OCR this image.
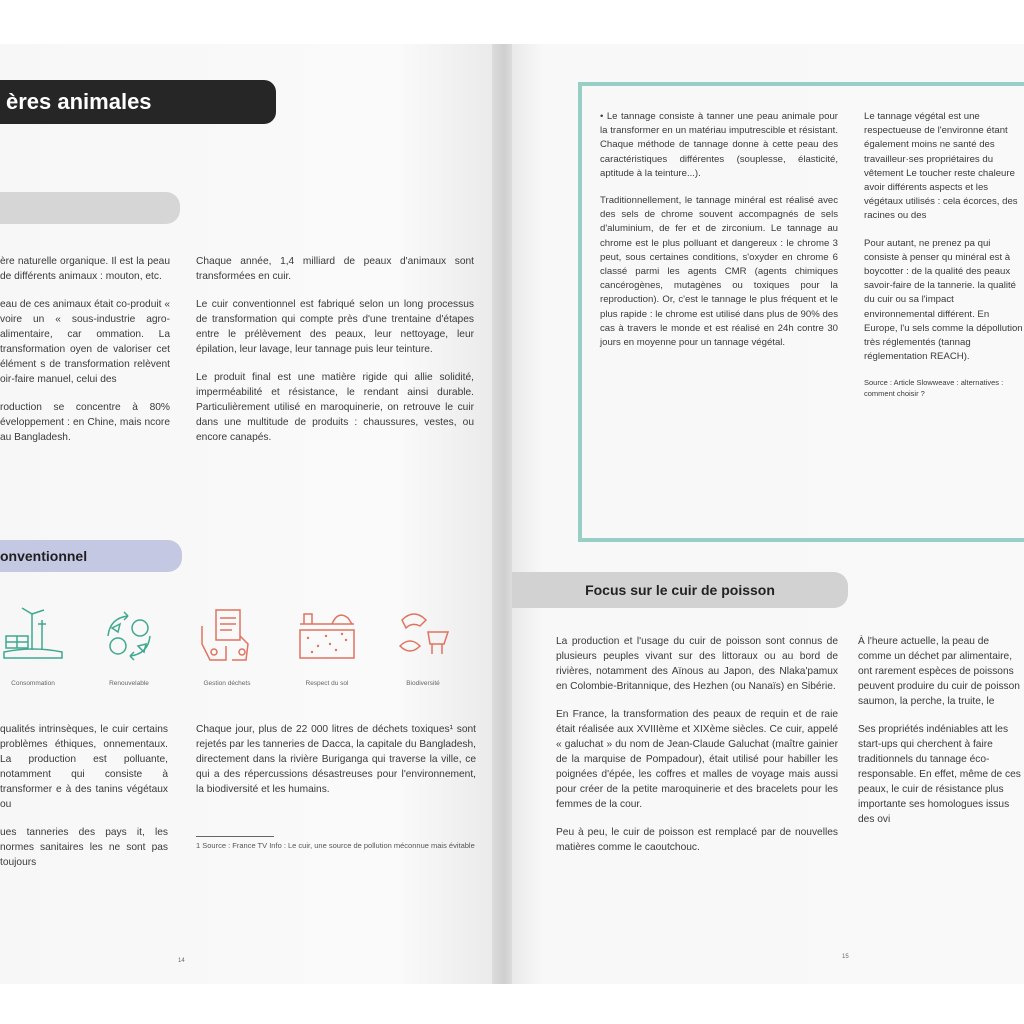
ères animales

ère naturelle organique. Il est la peau de différents animaux : mouton, etc.

eau de ces animaux était co-produit « voire un « sous-industrie agro-alimentaire, car ommation. La transformation oyen de valoriser cet élément s de transformation relèvent oir-faire manuel, celui des

roduction se concentre à 80% éveloppement : en Chine, mais ncore au Bangladesh.

Chaque année, 1,4 milliard de peaux d'animaux sont transformées en cuir.

Le cuir conventionnel est fabriqué selon un long processus de transformation qui compte près d'une trentaine d'étapes entre le prélèvement des peaux, leur nettoyage, leur épilation, leur lavage, leur tannage puis leur teinture.

Le produit final est une matière rigide qui allie solidité, imperméabilité et résistance, le rendant ainsi durable. Particulièrement utilisé en maroquinerie, on retrouve le cuir dans une multitude de produits : chaussures, vestes, ou encore canapés.

onventionnel
Consommation	Renouvelable	Gestion déchets	Respect du sol	Biodiversité

qualités intrinsèques, le cuir certains problèmes éthiques, onnementaux. La production est polluante, notamment qui consiste à transformer e à des tanins végétaux ou

ues tanneries des pays it, les normes sanitaires les ne sont pas toujours

Chaque jour, plus de 22 000 litres de déchets toxiques¹ sont rejetés par les tanneries de Dacca, la capitale du Bangladesh, directement dans la rivière Buriganga qui traverse la ville, ce qui a des répercussions désastreuses pour l'environnement, la biodiversité et les humains.

1 Source : France TV Info : Le cuir, une source de pollution méconnue mais évitable
14

• Le tannage consiste à tanner une peau animale pour la transformer en un matériau imputrescible et résistant. Chaque méthode de tannage donne à cette peau des caractéristiques différentes (souplesse, élasticité, aptitude à la teinture...).

Traditionnellement, le tannage minéral est réalisé avec des sels de chrome souvent accompagnés de sels d'aluminium, de fer et de zirconium. Le tannage au chrome est le plus polluant et dangereux : le chrome 3 peut, sous certaines conditions, s'oxyder en chrome 6 classé parmi les agents CMR (agents chimiques cancérogènes, mutagènes ou toxiques pour la reproduction). Or, c'est le tannage le plus fréquent et le plus rapide : le chrome est utilisé dans plus de 90% des cas à travers le monde et est réalisé en 24h contre 30 jours en moyenne pour un tannage végétal.

Le tannage végétal est une respectueuse de l'environne étant également moins ne santé des travailleur·ses propriétaires du vêtement Le toucher reste chaleure avoir différents aspects et les végétaux utilisés : cela écorces, des racines ou des

Pour autant, ne prenez pa qui consiste à penser qu minéral est à boycotter : de la qualité des peaux savoir-faire de la tannerie. la qualité du cuir ou sa l'impact environnemental différent. En Europe, l'u sels comme la dépollution très réglementés (tannag réglementation REACH).

Source : Article Slowweave : alternatives : comment choisir ?

Focus sur le cuir de poisson

La production et l'usage du cuir de poisson sont connus de plusieurs peuples vivant sur des littoraux ou au bord de rivières, notamment des Aïnous au Japon, des Nlaka'pamux en Colombie-Britannique, des Hezhen (ou Nanaïs) en Sibérie.

En France, la transformation des peaux de requin et de raie était réalisée aux XVIIIème et XIXème siècles. Ce cuir, appelé « galuchat » du nom de Jean-Claude Galuchat (maître gainier de la marquise de Pompadour), était utilisé pour habiller les poignées d'épée, les coffres et malles de voyage mais aussi pour créer de la petite maroquinerie et des bracelets pour les femmes de la cour.

Peu à peu, le cuir de poisson est remplacé par de nouvelles matières comme le caoutchouc.

À l'heure actuelle, la peau de comme un déchet par alimentaire, ont rarement espèces de poissons peuvent produire du cuir de poisson saumon, la perche, la truite, le

Ses propriétés indéniables att les start-ups qui cherchent à faire traditionnels du tannage éco-responsable. En effet, même de ces peaux, le cuir de résistance plus importante ses homologues issus des ovi

15
